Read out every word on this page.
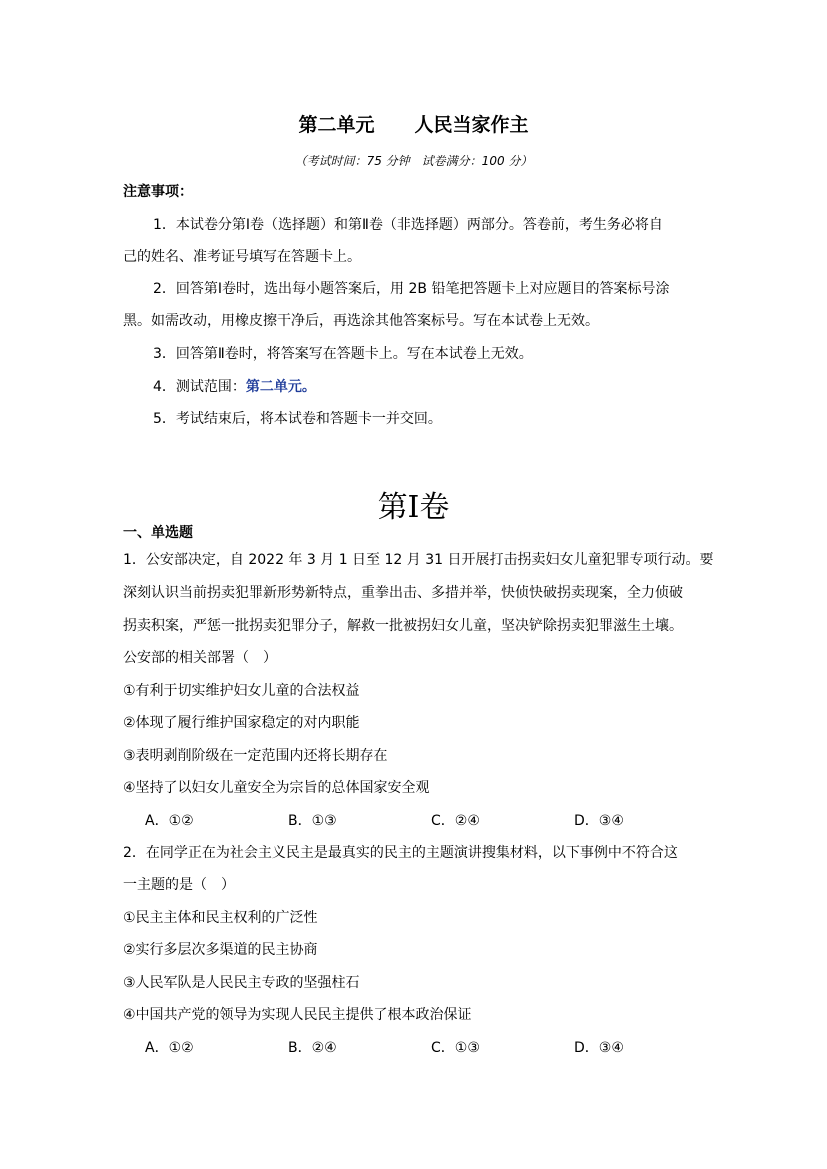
第二单元 人民当家作主
（考试时间：75 分钟　试卷满分：100 分）
注意事项：
1．本试卷分第Ⅰ卷（选择题）和第Ⅱ卷（非选择题）两部分。答卷前，考生务必将自
己的姓名、准考证号填写在答题卡上。
2．回答第Ⅰ卷时，选出每小题答案后，用 2B 铅笔把答题卡上对应题目的答案标号涂
黑。如需改动，用橡皮擦干净后，再选涂其他答案标号。写在本试卷上无效。
3．回答第Ⅱ卷时，将答案写在答题卡上。写在本试卷上无效。
4．测试范围：第二单元。
5．考试结束后，将本试卷和答题卡一并交回。
第I卷
一、单选题
1．公安部决定，自 2022 年 3 月 1 日至 12 月 31 日开展打击拐卖妇女儿童犯罪专项行动。要
深刻认识当前拐卖犯罪新形势新特点，重拳出击、多措并举，快侦快破拐卖现案，全力侦破
拐卖积案，严惩一批拐卖犯罪分子，解救一批被拐妇女儿童，坚决铲除拐卖犯罪滋生土壤。
公安部的相关部署（　）
①有利于切实维护妇女儿童的合法权益
②体现了履行维护国家稳定的对内职能
③表明剥削阶级在一定范围内还将长期存在
④坚持了以妇女儿童安全为宗旨的总体国家安全观
A．①②	B．①③	C．②④	D．③④
2．在同学正在为社会主义民主是最真实的民主的主题演讲搜集材料，以下事例中不符合这
一主题的是（　）
①民主主体和民主权利的广泛性
②实行多层次多渠道的民主协商
③人民军队是人民民主专政的坚强柱石
④中国共产党的领导为实现人民民主提供了根本政治保证
A．①②	B．②④	C．①③	D．③④
